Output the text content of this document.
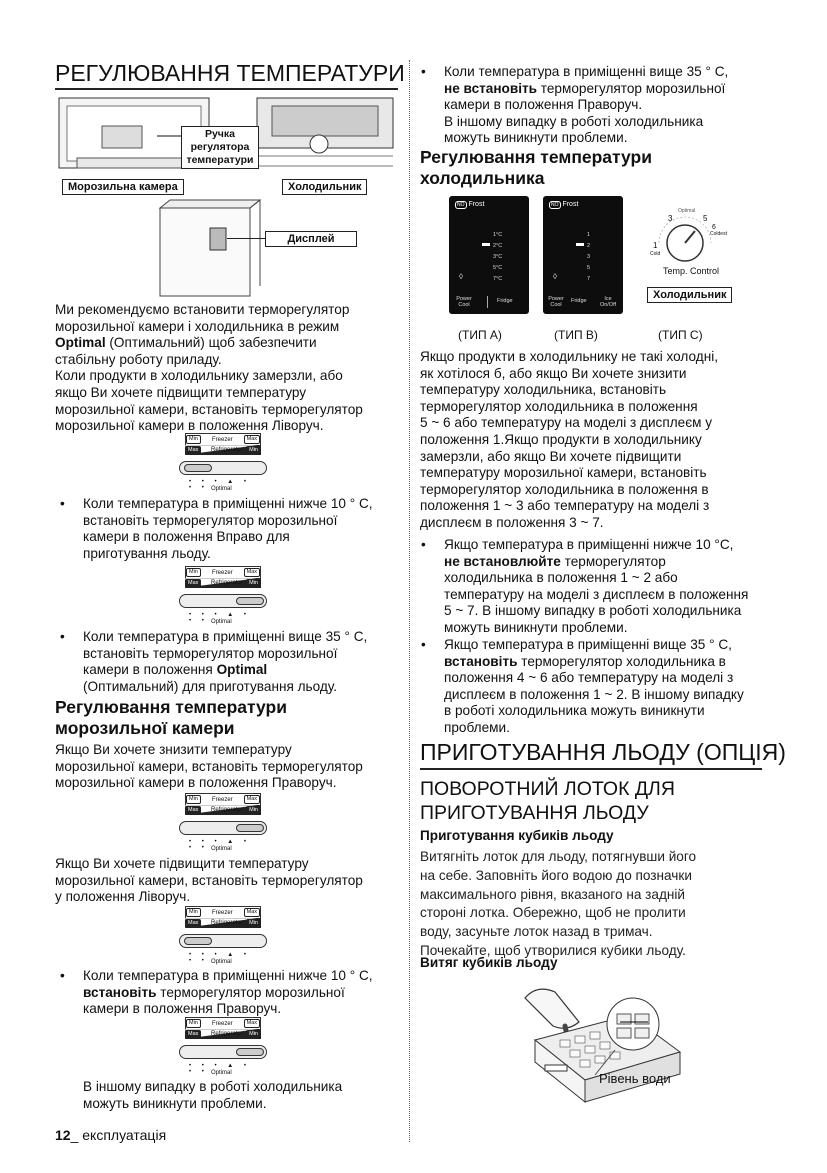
РЕГУЛЮВАННЯ ТЕМПЕРАТУРИ
Ручка
регулятора
температури
Морозильна камера	Холодильник
Дисплей
Ми рекомендуємо встановити терморегулятор
морозильної камери і холодильника в режим
Optimal (Оптимальний) щоб забезпечити
стабільну роботу приладу.
Коли продукти в холодильнику замерзли, або
якщо Ви хочете підвищити температуру
морозильної камери, встановіть терморегулятор
морозильної камери в положення Ліворуч.
Min	Freezer	Max
Max	Refrigerator	Min
• • • ▲ • • • Optimal
• Коли температура в приміщенні нижче 10 ° С,
встановіть терморегулятор морозильної
камери в положення Вправо для
приготування льоду.
Min	Freezer	Max
Max	Refrigerator	Min
• • • ▲ • • • Optimal
• Коли температура в приміщенні вище 35 ° С,
встановіть терморегулятор морозильної
камери в положення Optimal
(Оптимальний) для приготування льоду.
Регулювання температури
морозильної камери
Якщо Ви хочете знизити температуру
морозильної камери, встановіть терморегулятор
морозильної камери в положення Праворуч.
Min	Freezer	Max
Max	Refrigerator	Min
• • • ▲ • • • Optimal
Якщо Ви хочете підвищити температуру
морозильної камери, встановіть терморегулятор
у положення Ліворуч.
Min	Freezer	Max
Max	Refrigerator	Min
• • • ▲ • • • Optimal
• Коли температура в приміщенні нижче 10 ° С,
встановіть терморегулятор морозильної
камери в положення Праворуч.
Min	Freezer	Max
Max	Refrigerator	Min
• • • ▲ • • • Optimal
В іншому випадку в роботі холодильника
можуть виникнути проблеми.
12_ експлуатація
• Коли температура в приміщенні вище 35 ° С,
не встановіть терморегулятор морозильної
камери в положення Праворуч.
В іншому випадку в роботі холодильника
можуть виникнути проблеми.
Регулювання температури
холодильника
NO Frost
1°C
2°C
3°C
5°C
7°C
◊
Power Cool
Fridge
NO Frost
1
2
3
5
7
◊
Power Cool
Fridge	Ice On/Off
Optimal
3	5
6
Coldest
1
Cold
Temp. Control
Холодильник
(ТИП А)	(ТИП В)	(ТИП С)
Якщо продукти в холодильнику не такі холодні,
як хотілося б, або якщо Ви хочете знизити
температуру холодильника, встановіть
терморегулятор холодильника в положення
5 ~ 6 або температуру на моделі з дисплеєм у
положення 1.Якщо продукти в холодильнику
замерзли, або якщо Ви хочете підвищити
температуру морозильної камери, встановіть
терморегулятор холодильника в положення в
положення 1 ~ 3 або температуру на моделі з
дисплеєм в положення 3 ~ 7.
• Якщо температура в приміщенні нижче 10 °С,
не встановлюйте терморегулятор
холодильника в положення 1 ~ 2 або
температуру на моделі з дисплеєм в положення
5 ~ 7. В іншому випадку в роботі холодильника
можуть виникнути проблеми.
• Якщо температура в приміщенні вище 35 ° С,
встановіть терморегулятор холодильника в
положення 4 ~ 6 або температуру на моделі з
дисплеєм в положення 1 ~ 2. В іншому випадку
в роботі холодильника можуть виникнути
проблеми.
ПРИГОТУВАННЯ ЛЬОДУ (ОПЦІЯ)
ПОВОРОТНИЙ ЛОТОК ДЛЯ
ПРИГОТУВАННЯ ЛЬОДУ
Приготування кубиків льоду
Витягніть лоток для льоду, потягнувши його
на себе. Заповніть його водою до позначки
максимального рівня, вказаного на задній
стороні лотка. Обережно, щоб не пролити
воду, засуньте лоток назад в тримач.
Почекайте, щоб утворилися кубики льоду.
Витяг кубиків льоду
Рівень води
